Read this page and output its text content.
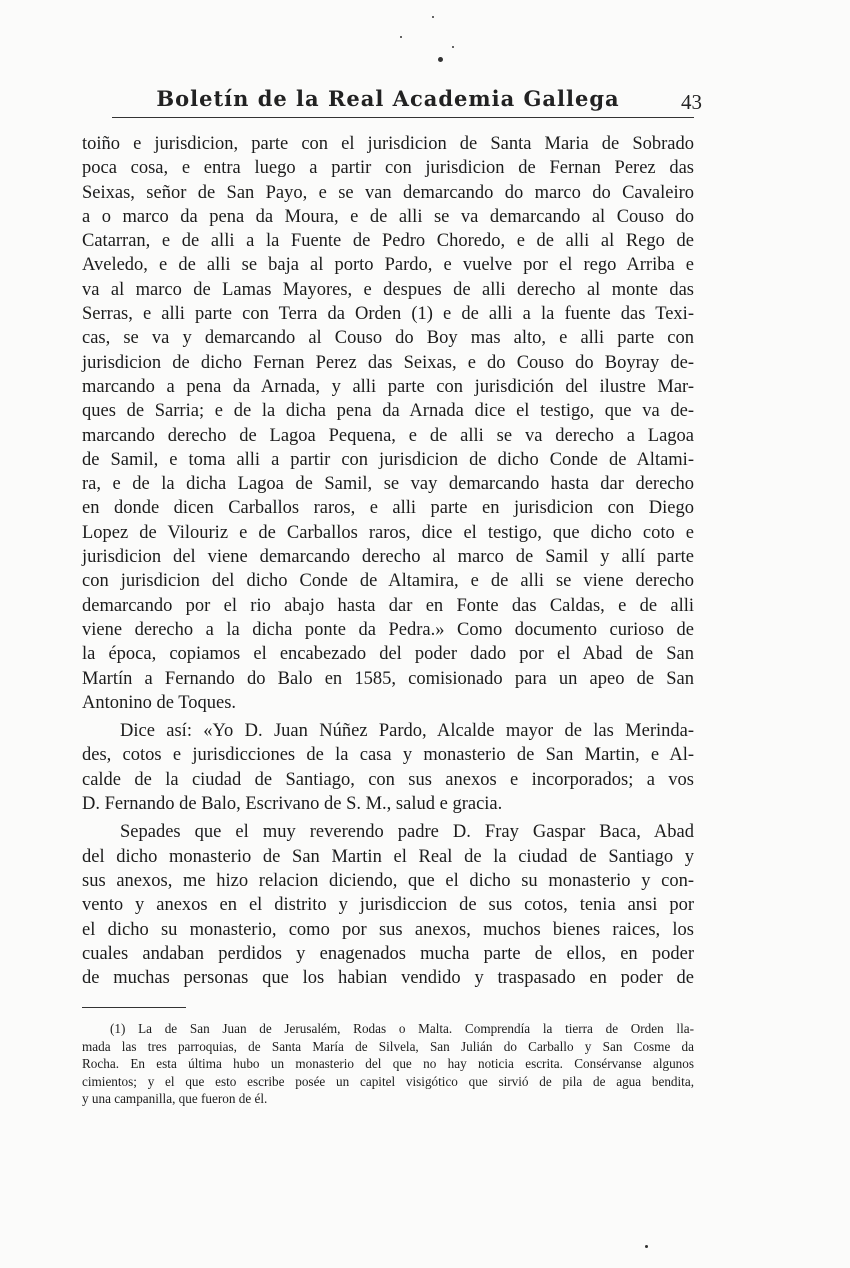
Boletín de la Real Academia Gallega	43
toiño e jurisdicion, parte con el jurisdicion de Santa Maria de Sobrado
poca cosa, e entra luego a partir con jurisdicion de Fernan Perez das
Seixas, señor de San Payo, e se van demarcando do marco do Cavaleiro
a o marco da pena da Moura, e de alli se va demarcando al Couso do
Catarran, e de alli a la Fuente de Pedro Choredo, e de alli al Rego de
Aveledo, e de alli se baja al porto Pardo, e vuelve por el rego Arriba e
va al marco de Lamas Mayores, e despues de alli derecho al monte das
Serras, e alli parte con Terra da Orden (1) e de alli a la fuente das Texi-
cas, se va y demarcando al Couso do Boy mas alto, e alli parte con
jurisdicion de dicho Fernan Perez das Seixas, e do Couso do Boyray de-
marcando a pena da Arnada, y alli parte con jurisdición del ilustre Mar-
ques de Sarria; e de la dicha pena da Arnada dice el testigo, que va de-
marcando derecho de Lagoa Pequena, e de alli se va derecho a Lagoa
de Samil, e toma alli a partir con jurisdicion de dicho Conde de Altami-
ra, e de la dicha Lagoa de Samil, se vay demarcando hasta dar derecho
en donde dicen Carballos raros, e alli parte en jurisdicion con Diego
Lopez de Vilouriz e de Carballos raros, dice el testigo, que dicho coto e
jurisdicion del viene demarcando derecho al marco de Samil y allí parte
con jurisdicion del dicho Conde de Altamira, e de alli se viene derecho
demarcando por el rio abajo hasta dar en Fonte das Caldas, e de alli
viene derecho a la dicha ponte da Pedra.» Como documento curioso de
la época, copiamos el encabezado del poder dado por el Abad de San
Martín a Fernando do Balo en 1585, comisionado para un apeo de San
Antonino de Toques.
Dice así: «Yo D. Juan Núñez Pardo, Alcalde mayor de las Merinda-
des, cotos e jurisdicciones de la casa y monasterio de San Martin, e Al-
calde de la ciudad de Santiago, con sus anexos e incorporados; a vos
D. Fernando de Balo, Escrivano de S. M., salud e gracia.
Sepades que el muy reverendo padre D. Fray Gaspar Baca, Abad
del dicho monasterio de San Martin el Real de la ciudad de Santiago y
sus anexos, me hizo relacion diciendo, que el dicho su monasterio y con-
vento y anexos en el distrito y jurisdiccion de sus cotos, tenia ansi por
el dicho su monasterio, como por sus anexos, muchos bienes raices, los
cuales andaban perdidos y enagenados mucha parte de ellos, en poder
de muchas personas que los habian vendido y traspasado en poder de
(1) La de San Juan de Jerusalém, Rodas o Malta. Comprendía la tierra de Orden lla-
mada las tres parroquias, de Santa María de Silvela, San Julián do Carballo y San Cosme da
Rocha. En esta última hubo un monasterio del que no hay noticia escrita. Consérvanse algunos
cimientos; y el que esto escribe posée un capitel visigótico que sirvió de pila de agua bendita,
y una campanilla, que fueron de él.
